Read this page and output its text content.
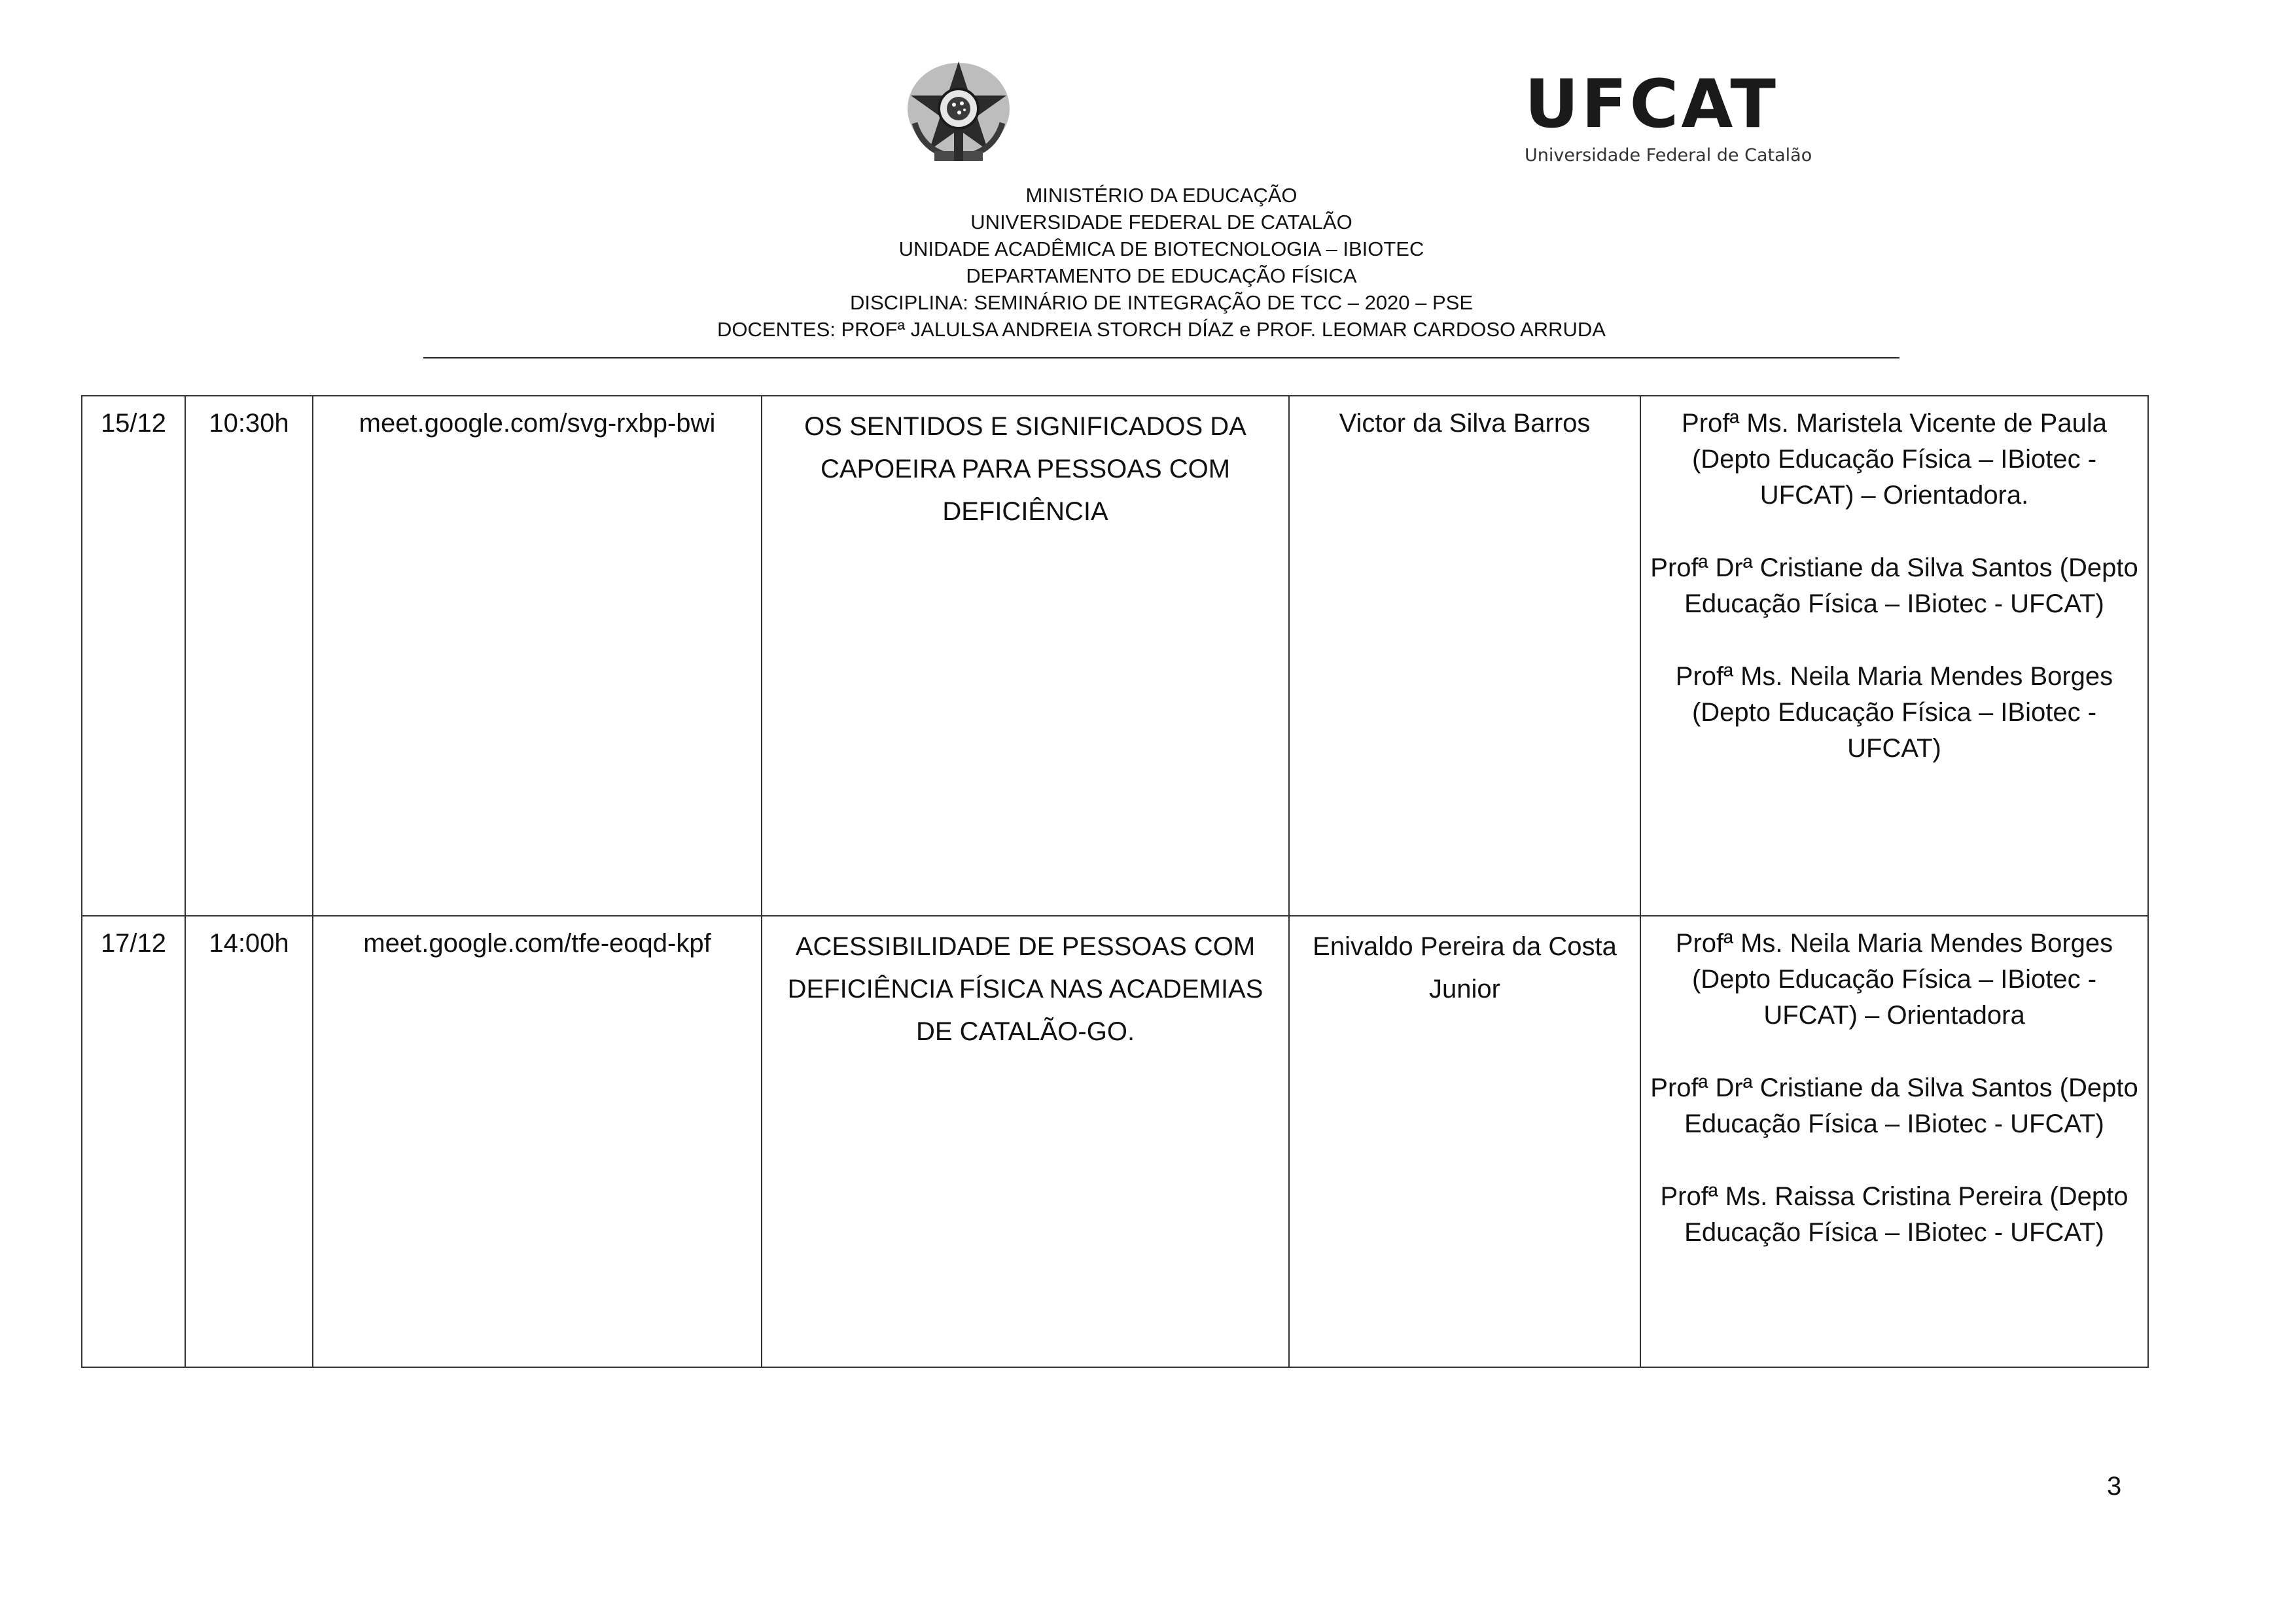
UFCAT
Universidade Federal de Catalão
MINISTÉRIO DA EDUCAÇÃO
UNIVERSIDADE FEDERAL DE CATALÃO
UNIDADE ACADÊMICA DE BIOTECNOLOGIA – IBIOTEC
DEPARTAMENTO DE EDUCAÇÃO FÍSICA
DISCIPLINA: SEMINÁRIO DE INTEGRAÇÃO DE TCC – 2020 – PSE
DOCENTES: PROFª JALULSA ANDREIA STORCH DÍAZ e PROF. LEOMAR CARDOSO ARRUDA
15/12	10:30h	meet.google.com/svg-rxbp-bwi	OS SENTIDOS E SIGNIFICADOS DA CAPOEIRA PARA PESSOAS COM DEFICIÊNCIA	Victor da Silva Barros	Profª Ms. Maristela Vicente de Paula (Depto Educação Física – IBiotec - UFCAT) – Orientadora.
Profª Drª Cristiane da Silva Santos (Depto Educação Física – IBiotec - UFCAT)
Profª Ms. Neila Maria Mendes Borges (Depto Educação Física – IBiotec - UFCAT)

17/12	14:00h	meet.google.com/tfe-eoqd-kpf	ACESSIBILIDADE DE PESSOAS COM DEFICIÊNCIA FÍSICA NAS ACADEMIAS DE CATALÃO-GO.	Enivaldo Pereira da Costa Junior	Profª Ms. Neila Maria Mendes Borges (Depto Educação Física – IBiotec - UFCAT) – Orientadora
Profª Drª Cristiane da Silva Santos (Depto Educação Física – IBiotec - UFCAT)
Profª Ms. Raissa Cristina Pereira (Depto Educação Física – IBiotec - UFCAT)
3
